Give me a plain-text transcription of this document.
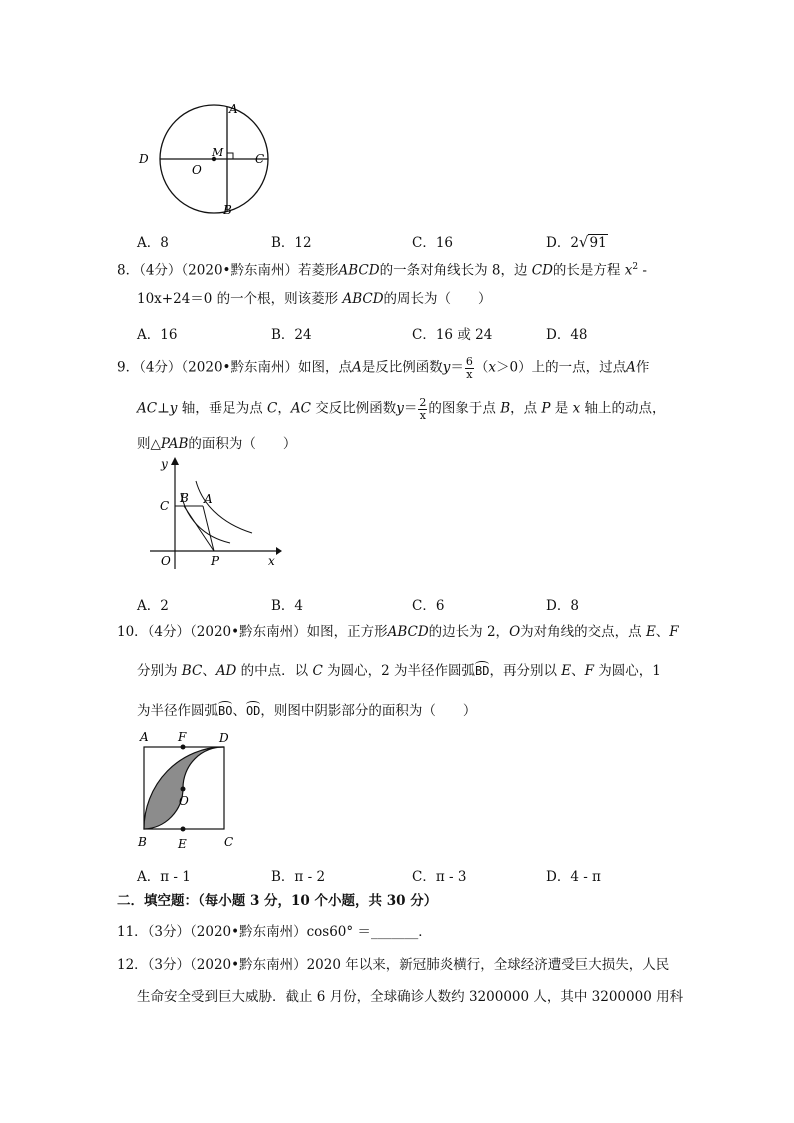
A
B
C
D
O
M
A．8	B．12	C．16	D．2√91
8．（4分）（2020•黔东南州）若菱形ABCD的一条对角线长为 8，边 CD的长是方程 $x^2$ -
10x+24＝0 的一个根，则该菱形 ABCD的周长为（　　）
A．16	B．24	C．16 或 24	D．48
9．（4分）（2020•黔东南州）如图，点A是反比例函数$y= \frac{6}{x} (x>0)$上的一点，过点A作
AC⊥y 轴，垂足为点 C，AC 交反比例函数$y= \frac{2}{x}$ 的图象于点 B，点 P 是 x 轴上的动点，
则△PAB的面积为（　　）
y
x
C
B A
O	P
A．2	B．4	C．6	D．8
10．（4分）（2020•黔东南州）如图，正方形ABCD的边长为 2，O为对角线的交点，点 E、F
分别为 BC、AD 的中点．以 C 为圆心，2 为半径作圆弧BD，再分别以 E、F 为圆心，1
为半径作圆弧BO、OD，则图中阴影部分的面积为（　　）
A F	D
O
B	E	C
A．π - 1	B．π - 2	C．π - 3	D．4 - π
二．填空题：（每小题 3 分，10 个小题，共 30 分）
11．（3分）（2020•黔东南州）cos60° ＝_______．
12．（3分）（2020•黔东南州）2020 年以来，新冠肺炎横行，全球经济遭受巨大损失，人民
生命安全受到巨大威胁．截止 6 月份，全球确诊人数约 3200000 人，其中 3200000 用科
